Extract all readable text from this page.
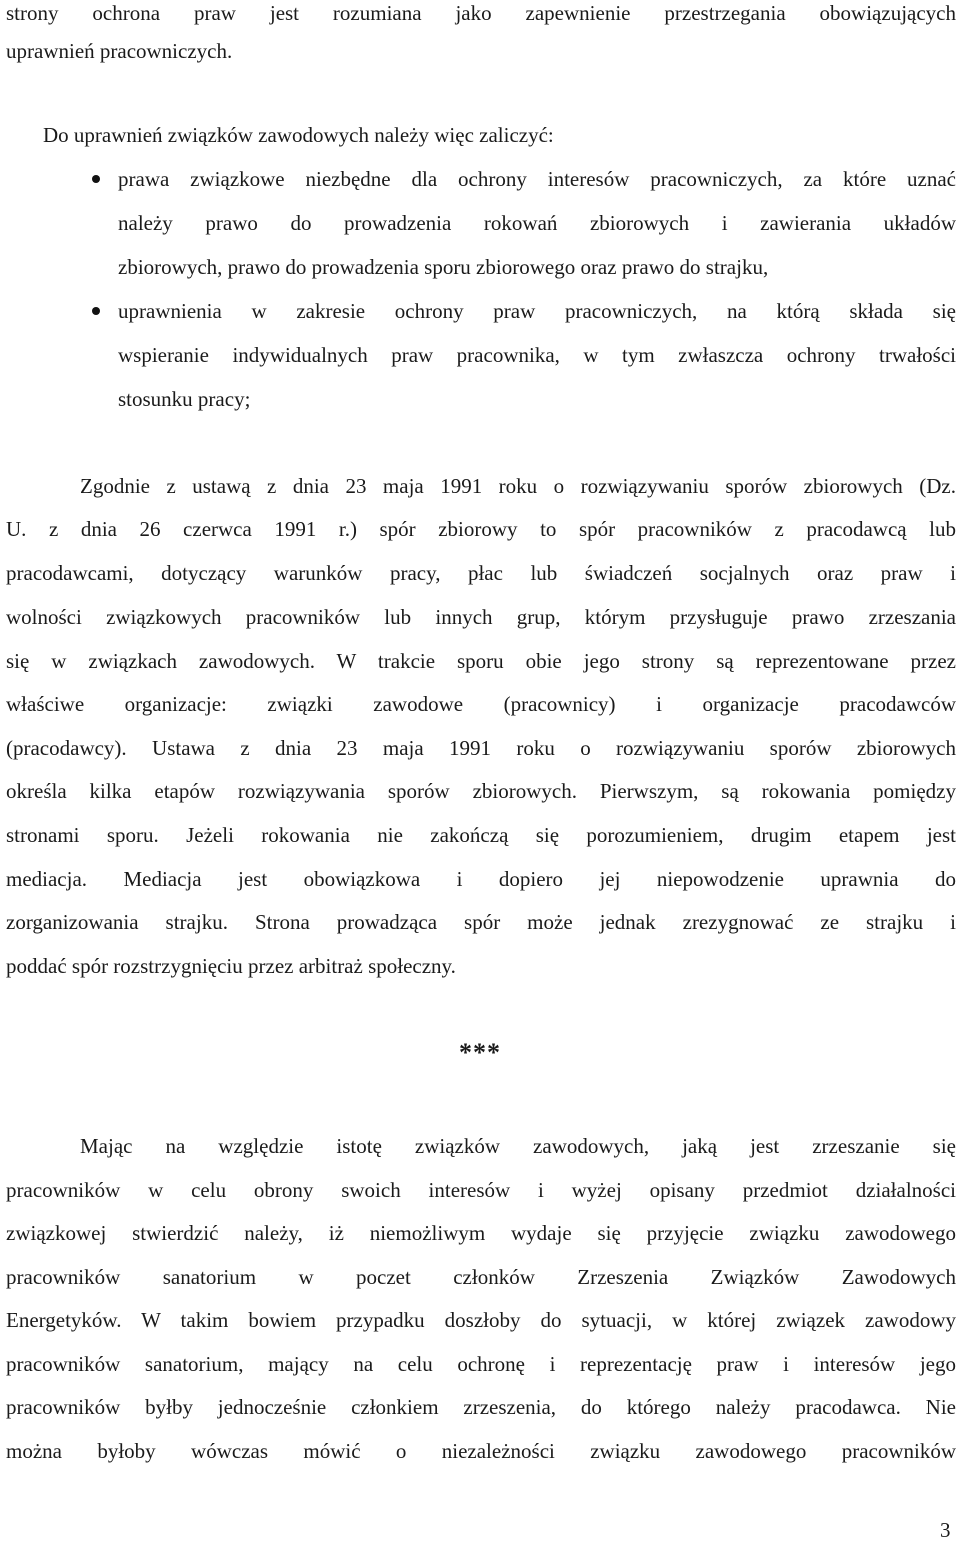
strony ochrona praw jest rozumiana jako zapewnienie przestrzegania obowiązujących
uprawnień pracowniczych.
Do uprawnień związków zawodowych należy więc zaliczyć:
prawa związkowe niezbędne dla ochrony interesów pracowniczych, za które uznać
należy prawo do prowadzenia rokowań zbiorowych i zawierania układów
zbiorowych, prawo do prowadzenia sporu zbiorowego oraz prawo do strajku,
uprawnienia w zakresie ochrony praw pracowniczych, na którą składa się
wspieranie indywidualnych praw pracownika, w tym zwłaszcza ochrony trwałości
stosunku pracy;
Zgodnie z ustawą z dnia 23 maja 1991 roku o rozwiązywaniu sporów zbiorowych (Dz.
U. z dnia 26 czerwca 1991 r.) spór zbiorowy to spór pracowników z pracodawcą lub
pracodawcami, dotyczący warunków pracy, płac lub świadczeń socjalnych oraz praw i
wolności związkowych pracowników lub innych grup, którym przysługuje prawo zrzeszania
się w związkach zawodowych. W trakcie sporu obie jego strony są reprezentowane przez
właściwe organizacje: związki zawodowe (pracownicy) i organizacje pracodawców
(pracodawcy). Ustawa z dnia 23 maja 1991 roku o rozwiązywaniu sporów zbiorowych
określa kilka etapów rozwiązywania sporów zbiorowych. Pierwszym, są rokowania pomiędzy
stronami sporu. Jeżeli rokowania nie zakończą się porozumieniem, drugim etapem jest
mediacja. Mediacja jest obowiązkowa i dopiero jej niepowodzenie uprawnia do
zorganizowania strajku. Strona prowadząca spór może jednak zrezygnować ze strajku i
poddać spór rozstrzygnięciu przez arbitraż społeczny.
***
Mając na względzie istotę związków zawodowych, jaką jest zrzeszanie się
pracowników w celu obrony swoich interesów i wyżej opisany przedmiot działalności
związkowej stwierdzić należy, iż niemożliwym wydaje się przyjęcie związku zawodowego
pracowników sanatorium w poczet członków Zrzeszenia Związków Zawodowych
Energetyków. W takim bowiem przypadku doszłoby do sytuacji, w której związek zawodowy
pracowników sanatorium, mający na celu ochronę i reprezentację praw i interesów jego
pracowników byłby jednocześnie członkiem zrzeszenia, do którego należy pracodawca. Nie
można byłoby wówczas mówić o niezależności związku zawodowego pracowników
3
